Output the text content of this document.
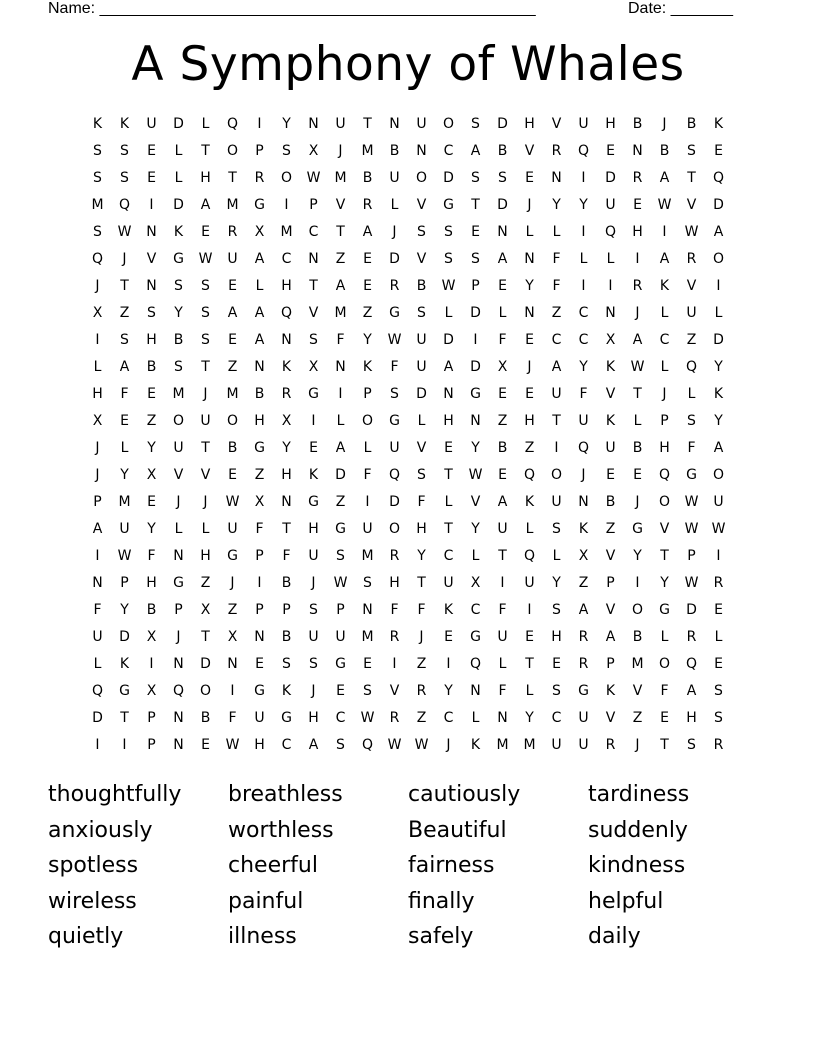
Name: _________________________________________________	Date: _______
A Symphony of Whales
K	K	U	D	L	Q	I	Y	N	U	T	N	U	O	S	D	H	V	U	H	B	J	B	K
S	S	E	L	T	O	P	S	X	J	M	B	N	C	A	B	V	R	Q	E	N	B	S	E
S	S	E	L	H	T	R	O	W	M	B	U	O	D	S	S	E	N	I	D	R	A	T	Q
M	Q	I	D	A	M	G	I	P	V	R	L	V	G	T	D	J	Y	Y	U	E	W	V	D
S	W	N	K	E	R	X	M	C	T	A	J	S	S	E	N	L	L	I	Q	H	I	W	A
Q	J	V	G	W	U	A	C	N	Z	E	D	V	S	S	A	N	F	L	L	I	A	R	O
J	T	N	S	S	E	L	H	T	A	E	R	B	W	P	E	Y	F	I	I	R	K	V	I
X	Z	S	Y	S	A	A	Q	V	M	Z	G	S	L	D	L	N	Z	C	N	J	L	U	L
I	S	H	B	S	E	A	N	S	F	Y	W	U	D	I	F	E	C	C	X	A	C	Z	D
L	A	B	S	T	Z	N	K	X	N	K	F	U	A	D	X	J	A	Y	K	W	L	Q	Y
H	F	E	M	J	M	B	R	G	I	P	S	D	N	G	E	E	U	F	V	T	J	L	K
X	E	Z	O	U	O	H	X	I	L	O	G	L	H	N	Z	H	T	U	K	L	P	S	Y
J	L	Y	U	T	B	G	Y	E	A	L	U	V	E	Y	B	Z	I	Q	U	B	H	F	A
J	Y	X	V	V	E	Z	H	K	D	F	Q	S	T	W	E	Q	O	J	E	E	Q	G	O
P	M	E	J	J	W	X	N	G	Z	I	D	F	L	V	A	K	U	N	B	J	O	W	U
A	U	Y	L	L	U	F	T	H	G	U	O	H	T	Y	U	L	S	K	Z	G	V	W W
I	W	F	N	H	G	P	F	U	S	M	R	Y	C	L	T	Q	L	X	V	Y	T	P	I
N	P	H	G	Z	J	I	B	J	W	S	H	T	U	X	I	U	Y	Z	P	I	Y	W	R
F	Y	B	P	X	Z	P	P	S	P	N	F	F	K	C	F	I	S	A	V	O	G	D	E
U	D	X	J	T	X	N	B	U	U	M	R	J	E	G	U	E	H	R	A	B	L	R	L
L	K	I	N	D	N	E	S	S	G	E	I	Z	I	Q	L	T	E	R	P	M	O	Q	E
Q	G	X	Q	O	I	G	K	J	E	S	V	R	Y	N	F	L	S	G	K	V	F	A	S
D	T	P	N	B	F	U	G	H	C	W	R	Z	C	L	N	Y	C	U	V	Z	E	H	S
I	I	P	N	E	W	H	C	A	S	Q	W W	J	K	M	M	U	U	R	J	T	S	R
thoughtfully	breathless	cautiously	tardiness
anxiously	worthless	Beautiful	suddenly
spotless	cheerful	fairness	kindness
wireless	painful	finally	helpful
quietly	illness	safely	daily
